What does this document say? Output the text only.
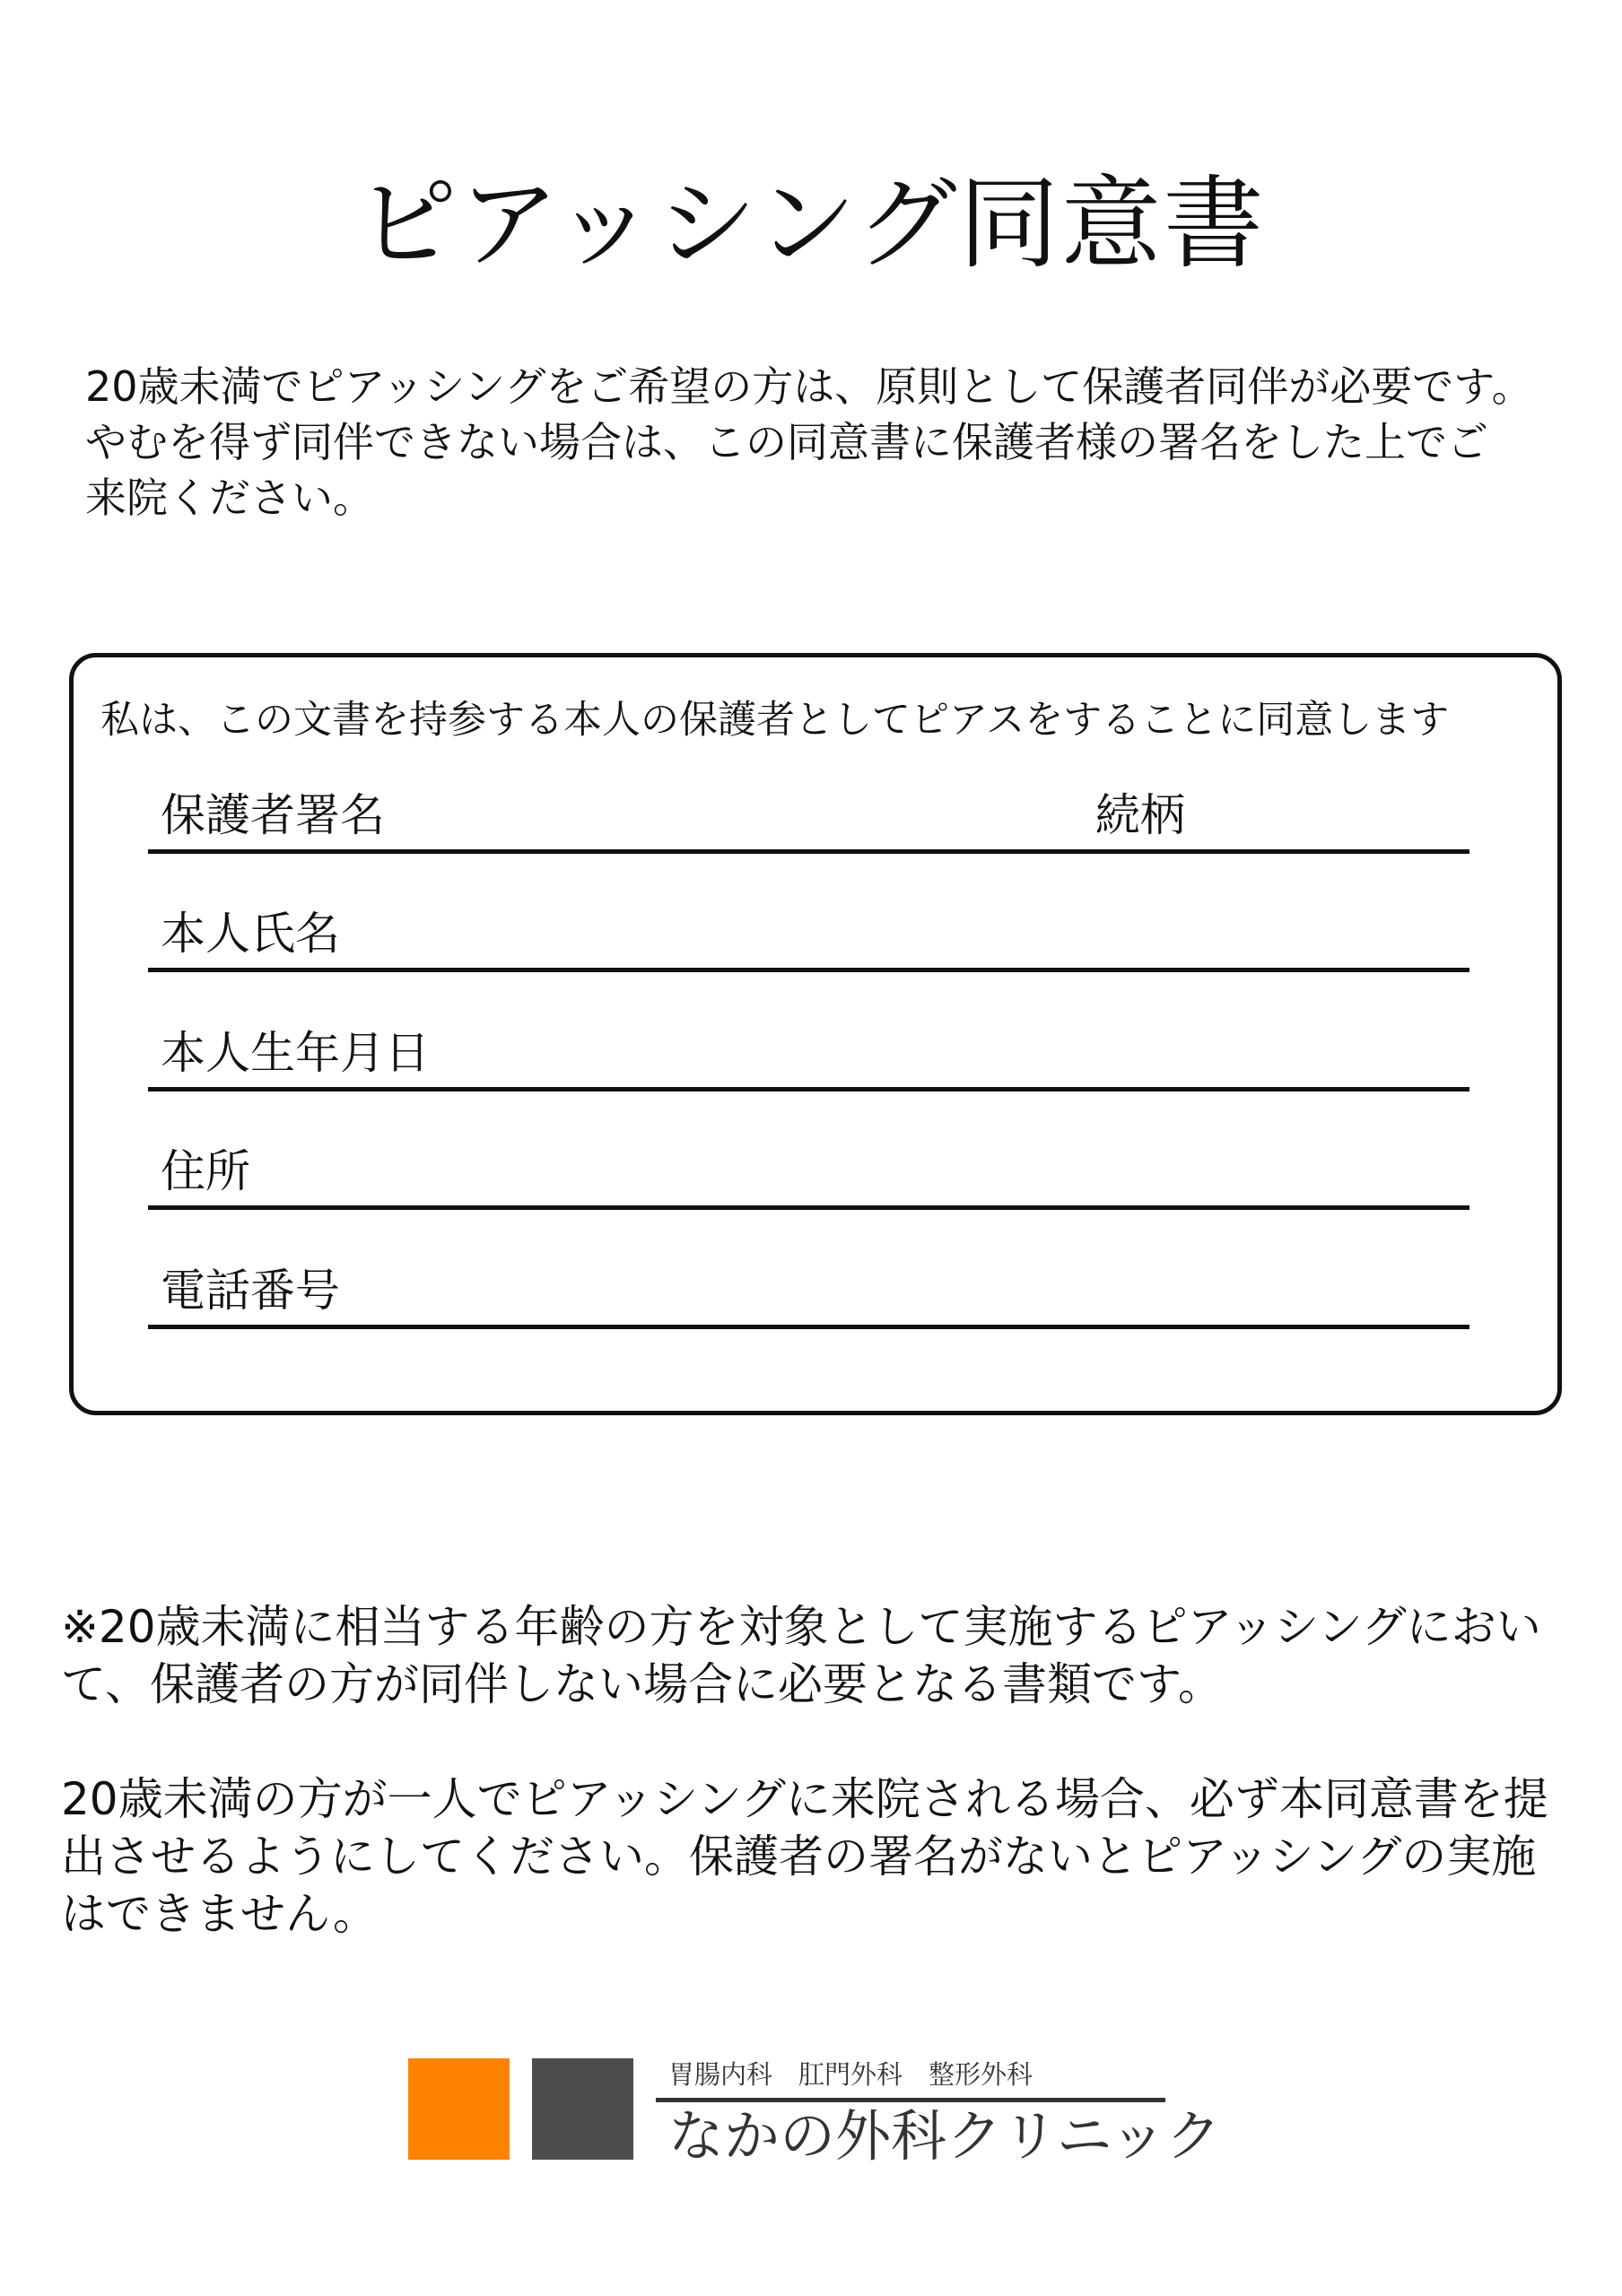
ピアッシング同意書

20歳未満でピアッシングをご希望の方は、原則として保護者同伴が必要です。

やむを得ず同伴できない場合は、この同意書に保護者様の署名をした上でご

来院ください。

私は、この文書を持参する本人の保護者としてピアスをすることに同意します
保護者署名	続柄
本人氏名
本人生年月日
住所
電話番号

※20歳未満に相当する年齢の方を対象として実施するピアッシングにおいて、保護者の方が同伴しない場合に必要となる書類です。

20歳未満の方が一人でピアッシングに来院される場合、必ず本同意書を提出させるようにしてください。保護者の署名がないとピアッシングの実施はできません。

胃腸内科　肛門外科　整形外科
なかの外科クリニック
